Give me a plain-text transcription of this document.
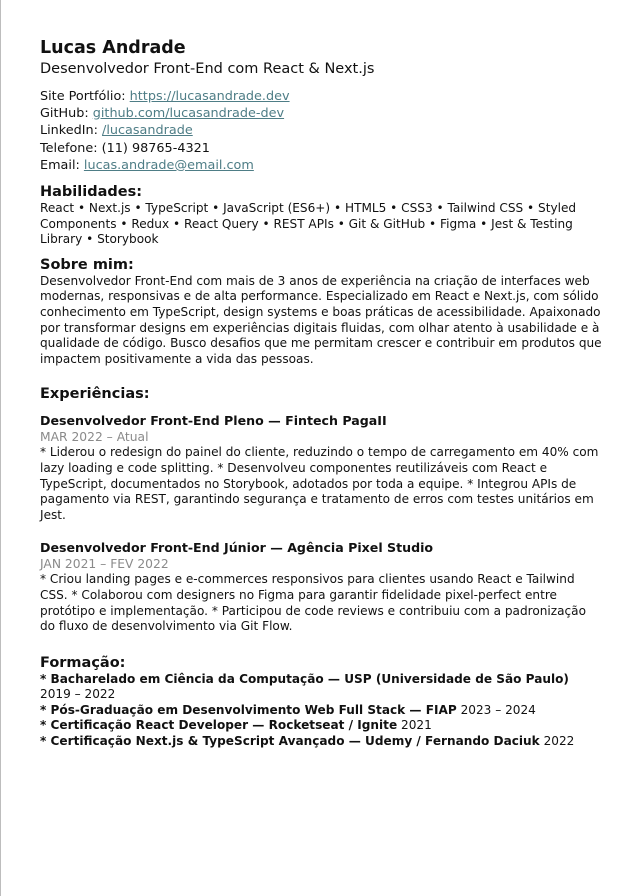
Lucas Andrade
Desenvolvedor Front-End com React & Next.js
Site Portfólio: https://lucasandrade.dev
GitHub: github.com/lucasandrade-dev
LinkedIn: /lucasandrade
Telefone: (11) 98765-4321
Email: lucas.andrade@email.com
Habilidades:
React • Next.js • TypeScript • JavaScript (ES6+) • HTML5 • CSS3 • Tailwind CSS • Styled Components • Redux • React Query • REST APIs • Git & GitHub • Figma • Jest & Testing Library • Storybook
Sobre mim:
Desenvolvedor Front-End com mais de 3 anos de experiência na criação de interfaces web modernas, responsivas e de alta performance. Especializado em React e Next.js, com sólido conhecimento em TypeScript, design systems e boas práticas de acessibilidade. Apaixonado por transformar designs em experiências digitais fluidas, com olhar atento à usabilidade e à qualidade de código. Busco desafios que me permitam crescer e contribuir em produtos que impactem positivamente a vida das pessoas.
Experiências:
Desenvolvedor Front-End Pleno — Fintech PagaII
MAR 2022 – Atual
* Liderou o redesign do painel do cliente, reduzindo o tempo de carregamento em 40% com lazy loading e code splitting. * Desenvolveu componentes reutilizáveis com React e TypeScript, documentados no Storybook, adotados por toda a equipe. * Integrou APIs de pagamento via REST, garantindo segurança e tratamento de erros com testes unitários em Jest.
Desenvolvedor Front-End Júnior — Agência Pixel Studio
JAN 2021 – FEV 2022
* Criou landing pages e e-commerces responsivos para clientes usando React e Tailwind CSS. * Colaborou com designers no Figma para garantir fidelidade pixel-perfect entre protótipo e implementação. * Participou de code reviews e contribuiu com a padronização do fluxo de desenvolvimento via Git Flow.
Formação:
* Bacharelado em Ciência da Computação — USP (Universidade de São Paulo) 2019 – 2022
* Pós-Graduação em Desenvolvimento Web Full Stack — FIAP 2023 – 2024
* Certificação React Developer — Rocketseat / Ignite 2021
* Certificação Next.js & TypeScript Avançado — Udemy / Fernando Daciuk 2022
